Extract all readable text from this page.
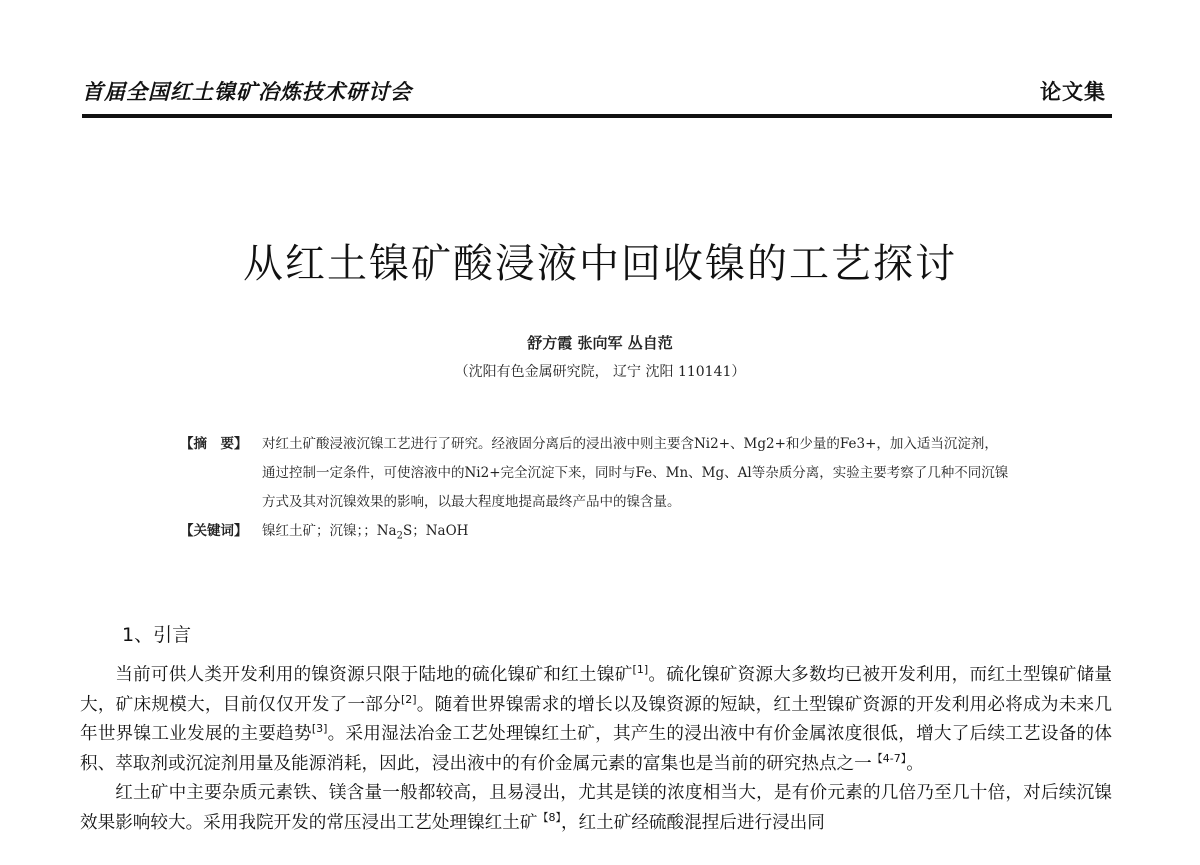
首届全国红土镍矿冶炼技术研讨会	论文集
从红土镍矿酸浸液中回收镍的工艺探讨
舒方霞 张向军 丛自范
（沈阳有色金属研究院， 辽宁 沈阳 110141）
【摘　要】	对红土矿酸浸液沉镍工艺进行了研究。经液固分离后的浸出液中则主要含Ni2+、Mg2+和少量的Fe3+，加入适当沉淀剂，通过控制一定条件，可使溶液中的Ni2+完全沉淀下来，同时与Fe、Mn、Mg、Al等杂质分离，实验主要考察了几种不同沉镍方式及其对沉镍效果的影响，以最大程度地提高最终产品中的镍含量。
【关键词】	镍红土矿；沉镍；；$Na_2S$；NaOH
1、引言

当前可供人类开发利用的镍资源只限于陆地的硫化镍矿和红土镍矿[1]。硫化镍矿资源大多数均已被开发利用，而红土型镍矿储量大，矿床规模大，目前仅仅开发了一部分[2]。随着世界镍需求的增长以及镍资源的短缺，红土型镍矿资源的开发利用必将成为未来几年世界镍工业发展的主要趋势[3]。采用湿法冶金工艺处理镍红土矿，其产生的浸出液中有价金属浓度很低，增大了后续工艺设备的体积、萃取剂或沉淀剂用量及能源消耗，因此，浸出液中的有价金属元素的富集也是当前的研究热点之一$^{【4-7】}$。

红土矿中主要杂质元素铁、镁含量一般都较高，且易浸出，尤其是镁的浓度相当大，是有价元素的几倍乃至几十倍，对后续沉镍效果影响较大。采用我院开发的常压浸出工艺处理镍红土矿$^{【8】}$，红土矿经硫酸混捏后进行浸出同
